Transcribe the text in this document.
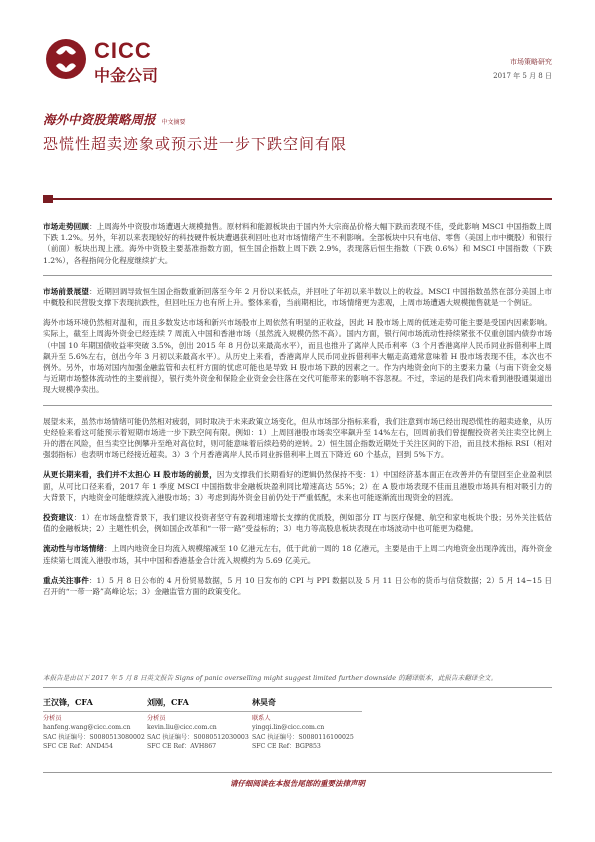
CICC
中金公司
市场策略研究
2017 年 5 月 8 日
海外中资股策略周报 中文摘要
恐慌性超卖迹象或预示进一步下跌空间有限

市场走势回顾：上周海外中资股市场遭遇大规模抛售。原材料和能源板块由于国内外大宗商品价格大幅下跌而表现不佳，受此影响 MSCI 中国指数上周下跌 1.2%。另外，年初以来表现较好的科技硬件板块遭遇获利回吐也对市场情绪产生不利影响。全部板块中只有电信、零售（美国上市中概股）和银行（前面）板块出现上涨。海外中资股主要基准指数方面，恒生国企指数上周下跌 2.9%，表现落后恒生指数（下跌 0.6%）和 MSCI 中国指数（下跌 1.2%），各程指间分化程度继续扩大。

市场前景展望：近期回调导致恒生国企指数重新回落至今年 2 月份以来低点，并回吐了年初以来半数以上的收益。MSCI 中国指数虽然在部分美国上市中概股和民营股支撑下表现抗跌性，但回吐压力也有所上升。整体来看，当前期相比，市场情绪更为悲观，上周市场遭遇大规模抛售就是一个例证。

海外市场环境仍然相对温和，而且多数发达市场和新兴市场股市上周依然有明显的正收益，因此 H 股市场上周的低迷走势可能主要是受国内因素影响。实际上，截至上周海外资金已经连续 7 周流入中国和香港市场（虽然流入规模仍然不高）。国内方面，银行间市场流动性持续紧张不仅重创国内债券市场（中国 10 年期国债收益率突破 3.5%，创出 2015 年 8 月份以来最高水平），而且也推升了离岸人民币利率（3 个月香港离岸人民币同业拆借利率上周飙升至 5.6%左右，创出今年 3 月初以来最高水平）。从历史上来看，香港离岸人民币同业拆借利率大幅走高通常意味着 H 股市场表现不佳，本次也不例外。另外，市场对国内加强金融监管和去杠杆方面的忧虑可能也是导致 H 股市场下跌的因素之一。作为内地资金向下的主要来力量（与南下资金交易与近期市场整体流动性的主要前提），银行类外资金和保险企业资金会往落在交代可能带来的影响不容忽视。不过，幸运的是我们尚未看到港股通渠道出现大规模净卖出。

展望未来，虽然市场情绪可能仍然相对疲弱，同时取决于未来政策立场变化，但从市场部分指标来看，我们注意到市场已经出现恐慌性的超卖迹象，从历史经验来看这可能预示着短期市场进一步下跌空间有限。例如：1）上周回港股市场卖空率飙升至 14%左右，回周前我们曾提醒投资者关注卖空比例上升的潜在风险，但当卖空比例攀升至绝对高位时，则可能意味着后续趋势的逆转。2）恒生国企指数近期处于关注区间的下沿，而且技术指标 RSI（相对强弱指标）也表明市场已经接近超卖。3）3 个月香港离岸人民币同业拆借利率上周五下降近 60 个基点，回到 5%下方。

从更长期来看，我们并不太担心 H 股市场的前景，因为支撑我们长期看好的逻辑仍然保持不变：1）中国经济基本面正在改善并仍有望回至企业盈利层面，从可比口径来看，2017 年 1 季度 MSCI 中国指数非金融板块盈利同比增速高达 55%；2）在 A 股市场表现不佳而且港股市场具有相对吸引力的大背景下，内地资金可能继续流入港股市场；3）考虑到海外资金目前仍处于严重低配，未来也可能逐渐流出现资金的回流。

投资建议：1）在市场盘整背景下，我们建议投资者坚守有盈利增速增长支撑的优质股，例如部分 IT 与医疗保健、航空和家电板块个股；另外关注低估值的金融板块；2）主题性机会，例如国企改革和“一带一路”受益标的；3）电力等高股息板块表现在市场波动中也可能更为稳健。

流动性与市场情绪：上周内地资金日均流入规模缩减至 10 亿港元左右，低于此前一周的 18 亿港元，主要是由于上周二内地资金出现净流出，海外资金连续第七周流入港股市场，其中中国和香港基金合计流入规模约为 5.69 亿美元。

重点关注事件：1）5 月 8 日公布的 4 月份贸易数据，5 月 10 日发布的 CPI 与 PPI 数据以及 5 月 11 日公布的货币与信贷数据；2）5 月 14~15 日召开的“一带一路”高峰论坛；3）金融监管方面的政策变化。

本报告是由以下 2017 年 5 月 8 日英文报告 Signs of panic overselling might suggest limited further downside 的翻译版本，此报告未翻译全文。
王汉锋，CFA
分析员
hanfeng.wang@cicc.com.cn
SAC 执证编号：S0080513080002
SFC CE Ref：AND454
刘刚，CFA
分析员
kevin.liu@cicc.com.cn
SAC 执证编号：S0080512030003
SFC CE Ref：AVH867
林昊奇
联系人
yingqi.lin@cicc.com.cn
SAC 执证编号：S0080116100025
SFC CE Ref：BGP853
请仔细阅读在本报告尾部的重要法律声明
